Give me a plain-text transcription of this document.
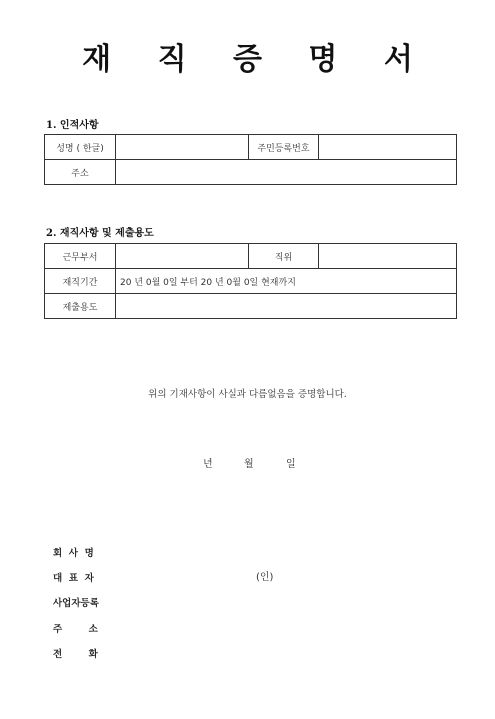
재 직 증 명 서
1. 인적사항
성명 ( 한글)		주민등록번호	
주소			
2. 재직사항 및 제출용도
근무부서		직위	
재직기간	20 년 0월 0일 부터 20 년 0월 0일 현재까지		
제출용도			
위의 기재사항이 사실과 다름없음을 증명합니다.
년	월	일
회  사  명
대  표  자	(인)
사업자등록
주        소
전        화
